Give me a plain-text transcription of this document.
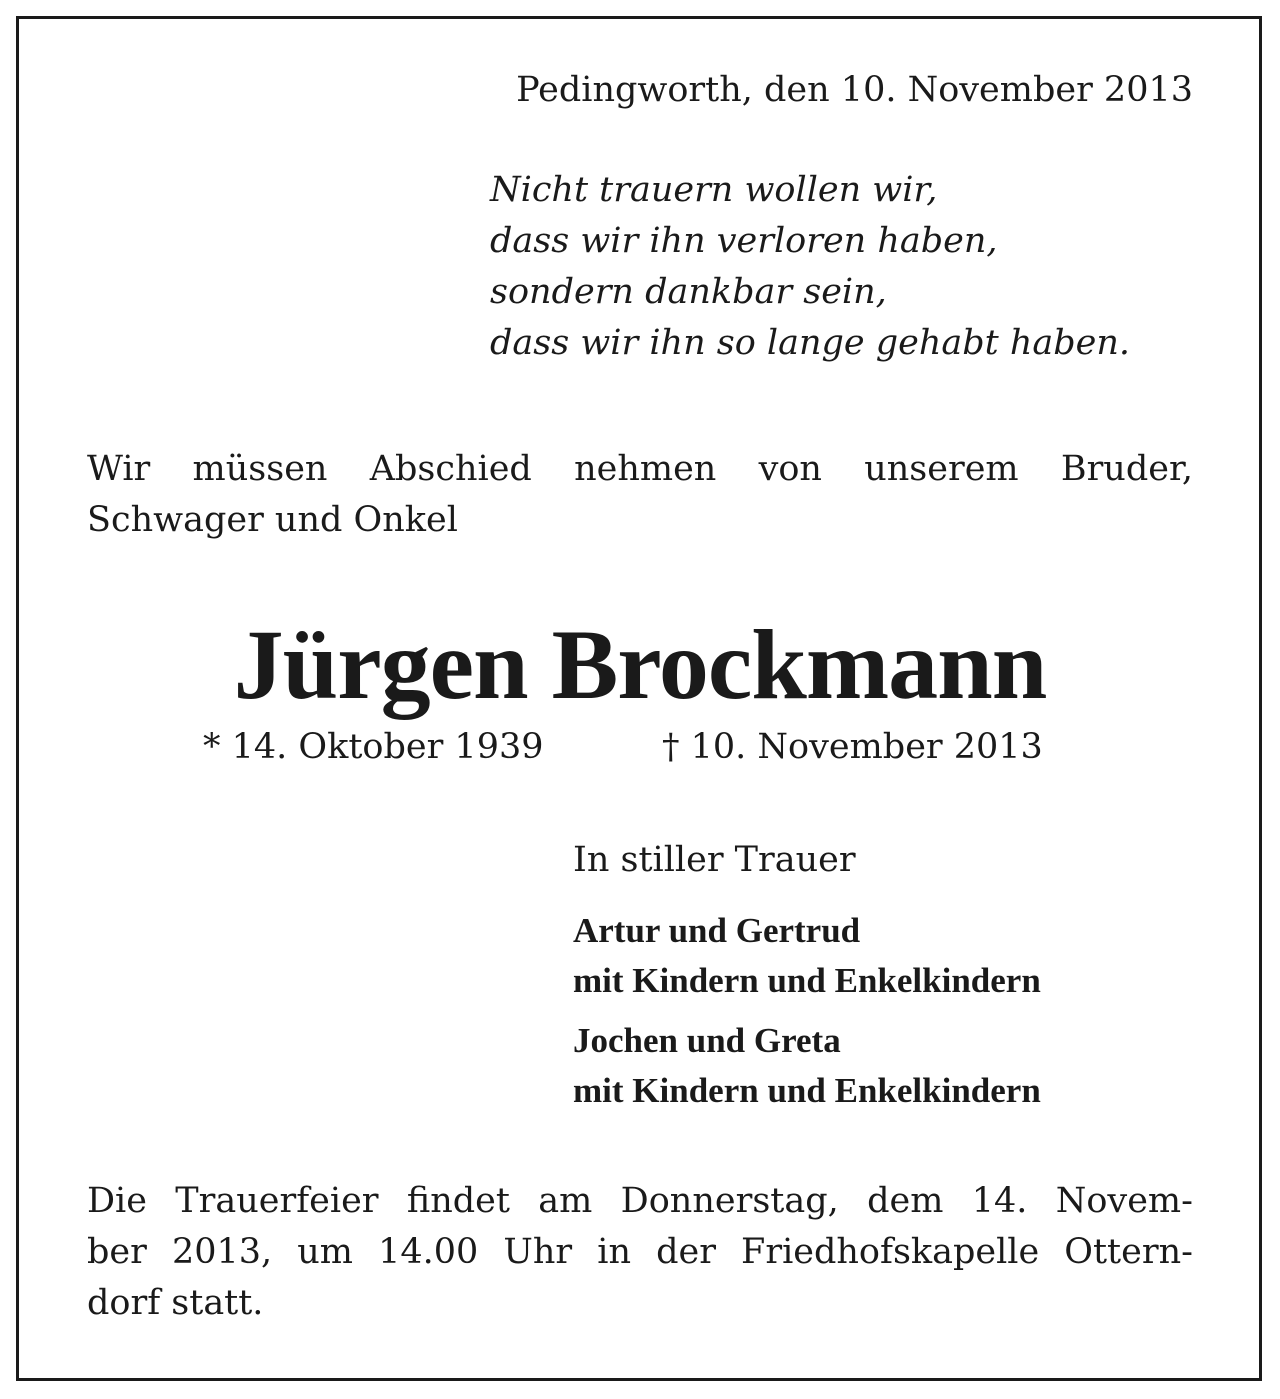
Pedingworth, den 10. November 2013
Nicht trauern wollen wir,
dass wir ihn verloren haben,
sondern dankbar sein,
dass wir ihn so lange gehabt haben.
Wir müssen Abschied nehmen von unserem Bruder,
Schwager und Onkel
Jürgen Brockmann
* 14. Oktober 1939	† 10. November 2013
In stiller Trauer
Artur und Gertrud
mit Kindern und Enkelkindern
Jochen und Greta
mit Kindern und Enkelkindern
Die Trauerfeier findet am Donnerstag, dem 14. Novem-
ber 2013, um 14.00 Uhr in der Friedhofskapelle Ottern-
dorf statt.
